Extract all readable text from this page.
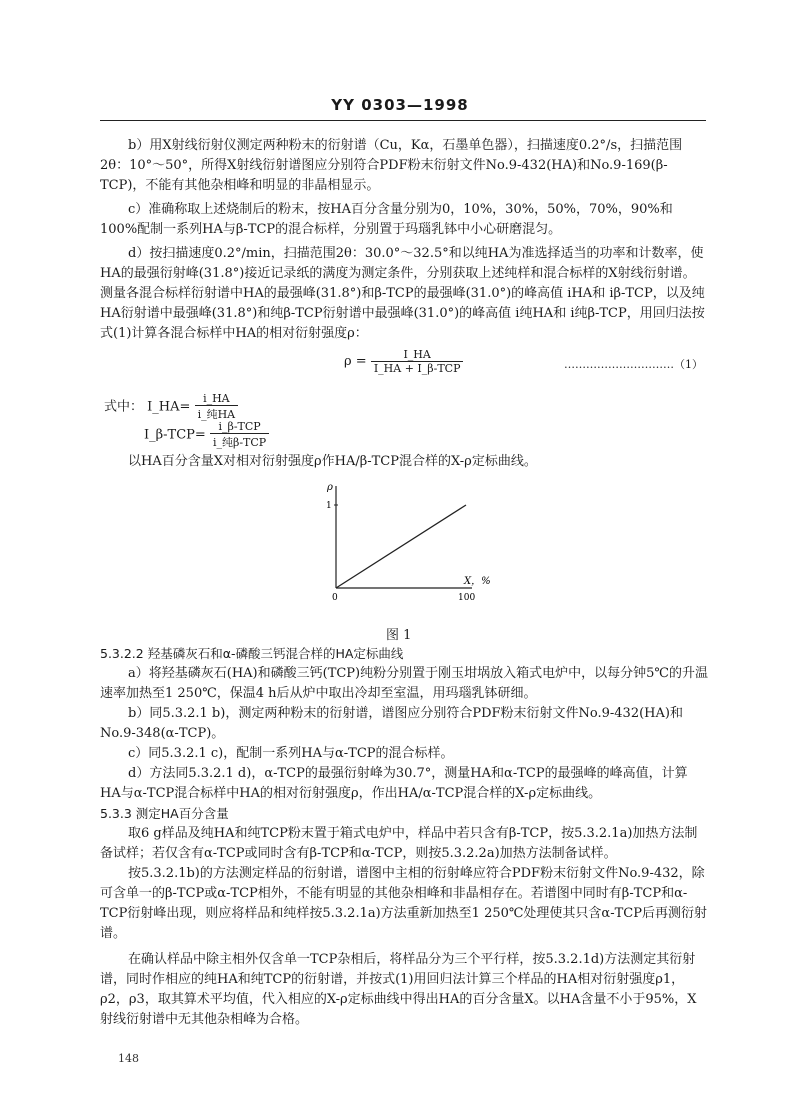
YY 0303—1998

b）用X射线衍射仪测定两种粉末的衍射谱（Cu，Kα，石墨单色器），扫描速度0.2°/s，扫描范围2θ：10°～50°，所得X射线衍射谱图应分别符合PDF粉末衍射文件No.9-432(HA)和No.9-169(β-TCP)，不能有其他杂相峰和明显的非晶相显示。

c）准确称取上述烧制后的粉末，按HA百分含量分别为0，10%，30%，50%，70%，90%和100%配制一系列HA与β-TCP的混合标样，分别置于玛瑙乳钵中小心研磨混匀。

d）按扫描速度0.2°/min，扫描范围2θ：30.0°～32.5°和以纯HA为准选择适当的功率和计数率，使HA的最强衍射峰(31.8°)接近记录纸的满度为测定条件，分别获取上述纯样和混合标样的X射线衍射谱。测量各混合标样衍射谱中HA的最强峰(31.8°)和β-TCP的最强峰(31.0°)的峰高值 iHA和 iβ-TCP，以及纯HA衍射谱中最强峰(31.8°)和纯β-TCP衍射谱中最强峰(31.0°)的峰高值 i纯HA和 i纯β-TCP，用回归法按式(1)计算各混合标样中HA的相对衍射强度ρ：

$\rho = \frac{I\_HA}{\text{I\_HA + I\_β-TCP}}$	…………………………（1）
式中： I_HA= $\frac{i\_HA}{\text{i\_纯HA}}$
I_β-TCP= $\frac{\text{i\_β-TCP}}{\text{i\_纯β-TCP}}$

以HA百分含量X对相对衍射强度ρ作HA/β-TCP混合样的X-ρ定标曲线。

ρ
1
0	100
X，%
图 1

5.3.2.2 羟基磷灰石和α-磷酸三钙混合样的HA定标曲线

a）将羟基磷灰石(HA)和磷酸三钙(TCP)纯粉分别置于刚玉坩埚放入箱式电炉中，以每分钟5℃的升温速率加热至1 250℃，保温4 h后从炉中取出冷却至室温，用玛瑙乳钵研细。

b）同5.3.2.1 b)，测定两种粉末的衍射谱，谱图应分别符合PDF粉末衍射文件No.9-432(HA)和No.9-348(α-TCP)。

c）同5.3.2.1 c)，配制一系列HA与α-TCP的混合标样。

d）方法同5.3.2.1 d)，α-TCP的最强衍射峰为30.7°，测量HA和α-TCP的最强峰的峰高值，计算HA与α-TCP混合标样中HA的相对衍射强度ρ，作出HA/α-TCP混合样的X-ρ定标曲线。

5.3.3 测定HA百分含量

取6 g样品及纯HA和纯TCP粉末置于箱式电炉中，样品中若只含有β-TCP，按5.3.2.1a)加热方法制备试样；若仅含有α-TCP或同时含有β-TCP和α-TCP，则按5.3.2.2a)加热方法制备试样。

按5.3.2.1b)的方法测定样品的衍射谱，谱图中主相的衍射峰应符合PDF粉末衍射文件No.9-432，除可含单一的β-TCP或α-TCP相外，不能有明显的其他杂相峰和非晶相存在。若谱图中同时有β-TCP和α-TCP衍射峰出现，则应将样品和纯样按5.3.2.1a)方法重新加热至1 250℃处理使其只含α-TCP后再测衍射谱。

在确认样品中除主相外仅含单一TCP杂相后，将样品分为三个平行样，按5.3.2.1d)方法测定其衍射谱，同时作相应的纯HA和纯TCP的衍射谱，并按式(1)用回归法计算三个样品的HA相对衍射强度ρ1，ρ2，ρ3，取其算术平均值，代入相应的X-ρ定标曲线中得出HA的百分含量X。以HA含量不小于95%，X射线衍射谱中无其他杂相峰为合格。

148
